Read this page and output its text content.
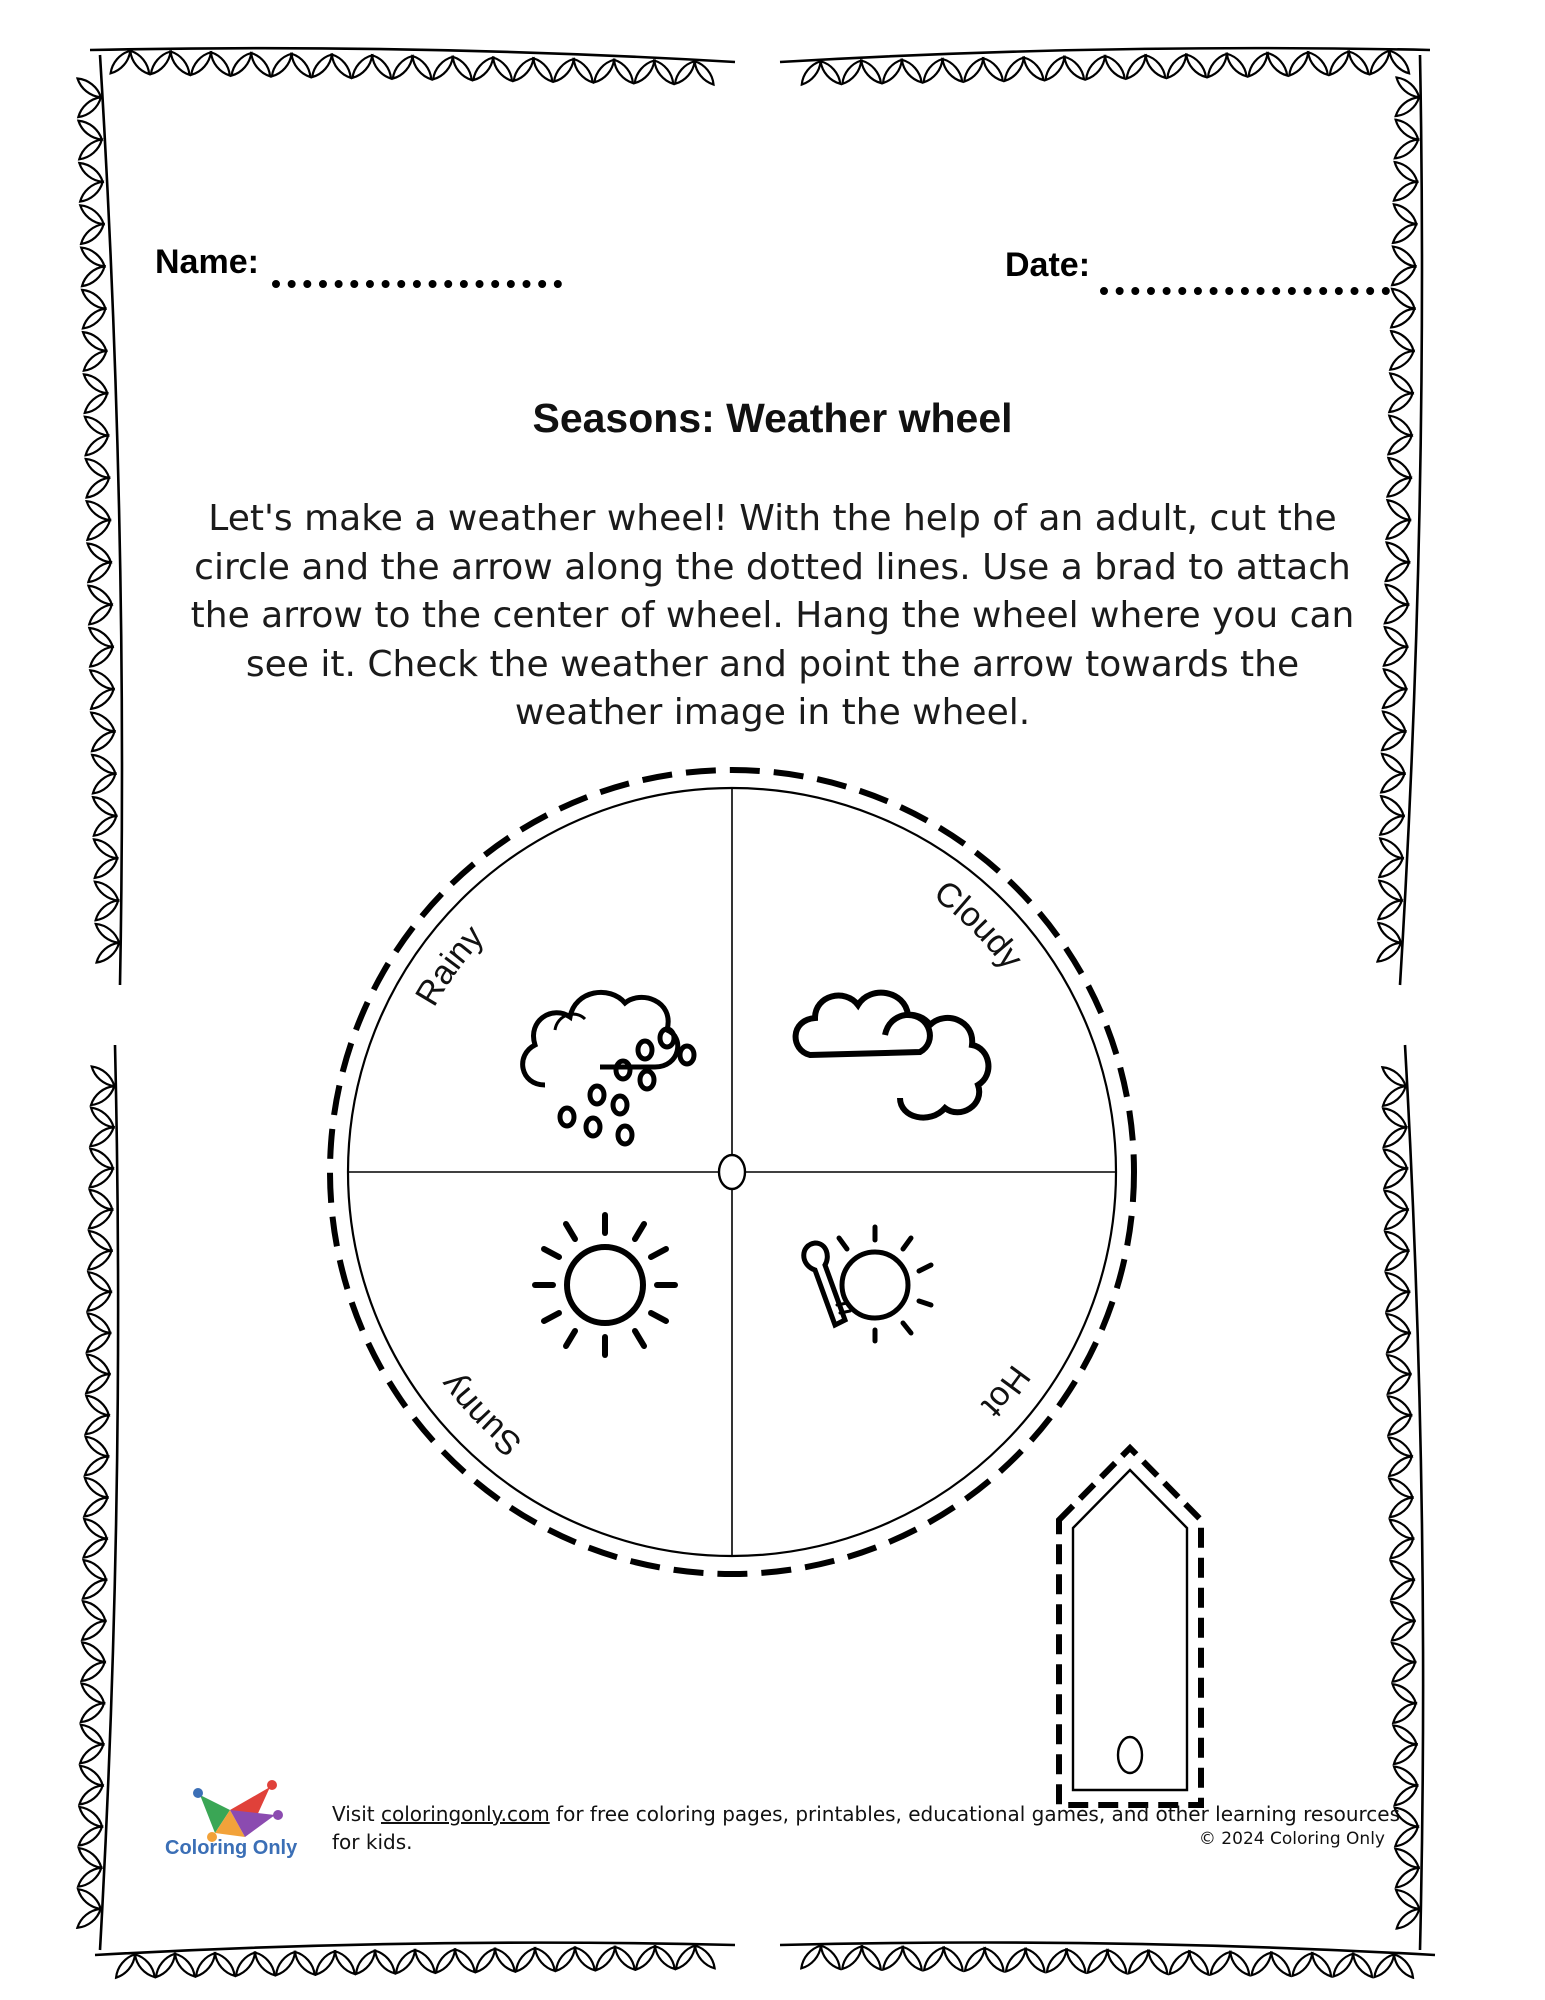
Name:	Date:
Seasons: Weather wheel
Let's make a weather wheel! With the help of an adult, cut the circle and the arrow along the dotted lines. Use a brad to attach the arrow to the center of wheel. Hang the wheel where you can see it. Check the weather and point the arrow towards the weather image in the wheel.
Rainy
Cloudy
Hot
Sunny
Coloring Only
Visit coloringonly.com for free coloring pages, printables, educational games, and other learning resources for kids.	© 2024 Coloring Only
